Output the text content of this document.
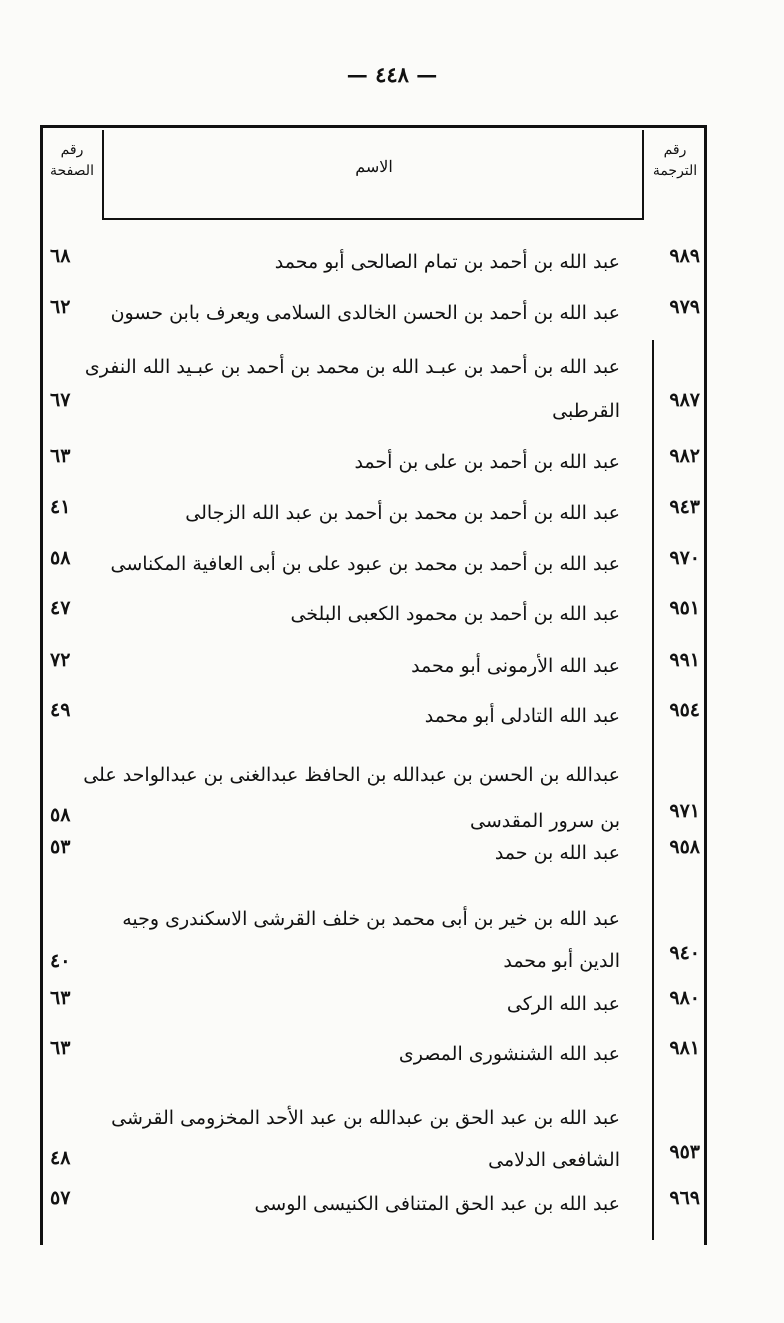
— ٤٤٨ —
رقم الصفحة	الاسم
رقم الترجمة
٩٨٩
عبد الله بن أحمد بن تمام الصالحى أبو محمد
٦٨
٩٧٩
عبد الله بن أحمد بن الحسن الخالدى السلامى ويعرف بابن حسون
٦٢
٩٨٧
عبد الله بن أحمد بن عبـد الله بن محمد بن أحمد بن عبـيد الله النفرى القرطبى
٦٧
٩٨٢
عبد الله بن أحمد بن على بن أحمد
٦٣
٩٤٣
عبد الله بن أحمد بن محمد بن أحمد بن عبد الله الزجالى
٤١
٩٧٠
عبد الله بن أحمد بن محمد بن عبود على بن أبى العافية المكناسى
٥٨
٩٥١
عبد الله بن أحمد بن محمود الكعبى البلخى
٤٧
٩٩١
عبد الله الأرمونى أبو محمد
٧٢
٩٥٤
عبد الله التادلى أبو محمد
٤٩
٩٧١
عبدالله بن الحسن بن عبدالله بن الحافظ عبدالغنى بن عبدالواحد على بن سرور المقدسى
٥٨
٩٥٨
عبد الله بن حمد
٥٣
٩٤٠
عبد الله بن خير بن أبى محمد بن خلف القرشى الاسكندرى وجيه الدين أبو محمد
٤٠
٩٨٠
عبد الله الركى
٦٣
٩٨١
عبد الله الشنشورى المصرى
٦٣
٩٥٣
عبد الله بن عبد الحق بن عبدالله بن عبد الأحد المخزومى القرشى الشافعى الدلامى
٤٨
٩٦٩
عبد الله بن عبد الحق المتنافى الكنيسى الوسى
٥٧
